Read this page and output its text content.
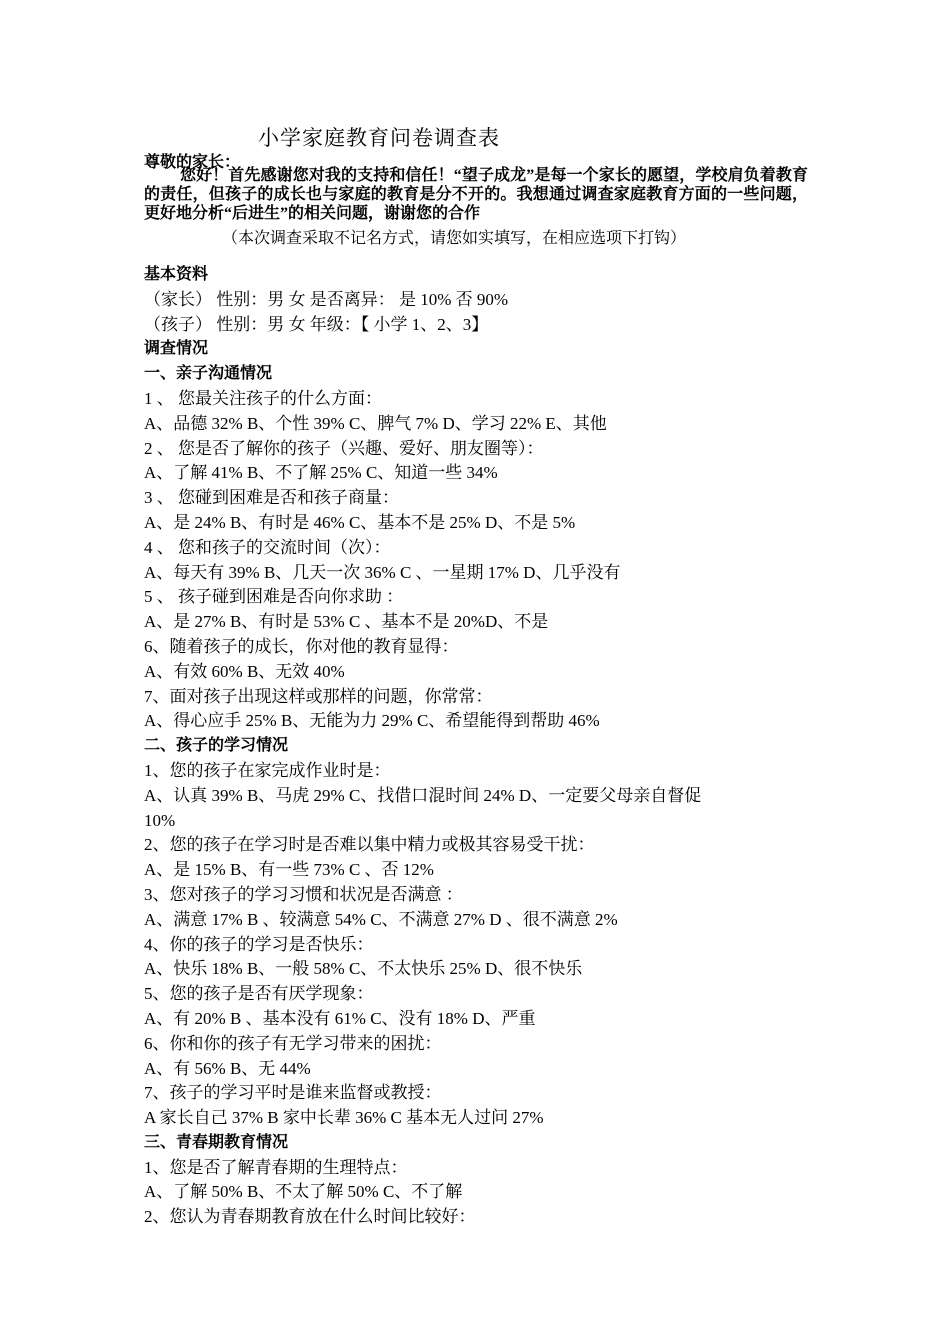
小学家庭教育问卷调查表
尊敬的家长：

您好！首先感谢您对我的支持和信任！“望子成龙”是每一个家长的愿望，学校肩负着教育的责任，但孩子的成长也与家庭的教育是分不开的。我想通过调查家庭教育方面的一些问题，更好地分析“后进生”的相关问题，谢谢您的合作

（本次调查采取不记名方式，请您如实填写，在相应选项下打钩）
基本资料
（家长） 性别：男 女 是否离异： 是 10% 否 90%
（孩子） 性别：男 女 年级：【 小学 1、2、3】
调查情况
一、亲子沟通情况
1 、 您最关注孩子的什么方面：
A、品德 32% B、个性 39% C、脾气 7% D、学习 22% E、其他
2 、 您是否了解你的孩子（兴趣、爱好、朋友圈等）：
A、了解 41% B、不了解 25% C、知道一些 34%
3 、 您碰到困难是否和孩子商量：
A、是 24% B、有时是 46% C、基本不是 25% D、不是 5%
4 、 您和孩子的交流时间（次）：
A、每天有 39% B、几天一次 36% C 、一星期 17% D、几乎没有
5 、 孩子碰到困难是否向你求助 ：
A、是 27% B、有时是 53% C 、基本不是 20%D、不是
6、随着孩子的成长，你对他的教育显得：
A、有效 60% B、无效 40%
7、面对孩子出现这样或那样的问题，你常常：
A、得心应手 25% B、无能为力 29% C、希望能得到帮助 46%
二、孩子的学习情况
1、您的孩子在家完成作业时是：
A、认真 39% B、马虎 29% C、找借口混时间 24% D、一定要父母亲自督促
10%
2、您的孩子在学习时是否难以集中精力或极其容易受干扰：
A、是 15% B、有一些 73% C 、否 12%
3、您对孩子的学习习惯和状况是否满意 ：
A、满意 17% B 、较满意 54% C、不满意 27% D 、很不满意 2%
4、你的孩子的学习是否快乐：
A、快乐 18% B、一般 58% C、不太快乐 25% D、很不快乐
5、您的孩子是否有厌学现象：
A、有 20% B 、基本没有 61% C、没有 18% D、严重
6、你和你的孩子有无学习带来的困扰：
A、有 56% B、无 44%
7、孩子的学习平时是谁来监督或教授：
A 家长自己 37% B 家中长辈 36% C 基本无人过问 27%
三、青春期教育情况
1、您是否了解青春期的生理特点：
A、了解 50% B、不太了解 50% C、不了解
2、您认为青春期教育放在什么时间比较好：
